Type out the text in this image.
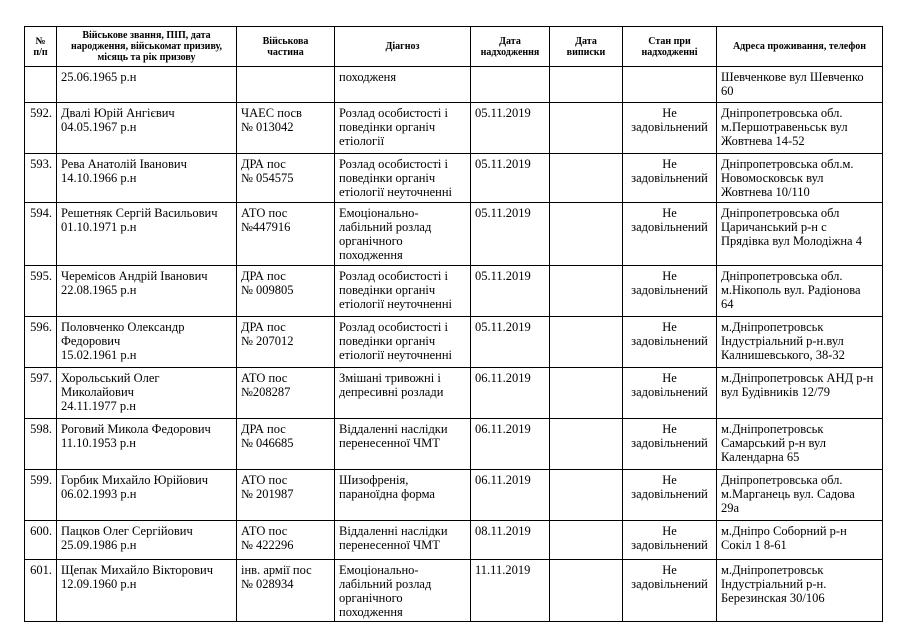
№
п/п	Військове звання, ПІП, дата
народження, військомат призиву,
місяць та рік призову	Військова
частина	Діагноз	Дата
надходження	Дата
виписки	Стан при
надходженні	Адреса проживання, телефон

	25.06.1965 р.н		походженя				Шевченкове вул Шевченко
60

592.	Двалі Юрій Ангієвич
04.05.1967 р.н	ЧАЕС посв
№ 013042	Розлад особистості і
поведінки органіч
етіології	05.11.2019		Не
задовільнений	Дніпропетровська обл.
м.Першотравеньськ вул
Жовтнева 14-52

593.	Рева Анатолій Іванович
14.10.1966 р.н	ДРА пос
№ 054575	Розлад особистості і
поведінки органіч
етіології неуточненні	05.11.2019		Не
задовільнений	Дніпропетровська обл.м.
Новомосковськ вул
Жовтнева 10/110

594.	Решетняк Сергій Васильович
01.10.1971 р.н	АТО пос
№447916	Емоціонально-
лабільний розлад
органічного
походження	05.11.2019		Не
задовільнений	Дніпропетровська обл
Царичанський р-н с
Прядівка вул Молодіжна 4

595.	Черемісов Андрій Іванович
22.08.1965 р.н	ДРА пос
№ 009805	Розлад особистості і
поведінки органіч
етіології неуточненні	05.11.2019		Не
задовільнений	Дніпропетровська обл.
м.Нікополь вул. Радіонова
64

596.	Половченко Олександр
Федорович
15.02.1961 р.н	ДРА пос
№ 207012	Розлад особистості і
поведінки органіч
етіології неуточненні	05.11.2019		Не
задовільнений	м.Дніпропетровськ
Індустріальний р-н.вул
Калнишевського, 38-32

597.	Хорольський Олег
Миколайович
24.11.1977 р.н	АТО пос
№208287	Змішані тривожні і
депресивні розлади	06.11.2019		Не
задовільнений	м.Дніпропетровськ АНД р-н
вул Будівників 12/79

598.	Роговий Микола Федорович
11.10.1953 р.н	ДРА пос
№ 046685	Віддаленні наслідки
перенесенної ЧМТ	06.11.2019		Не
задовільнений	м.Дніпропетровськ
Самарський р-н вул
Календарна 65

599.	Горбик Михайло Юрійович
06.02.1993 р.н	АТО пос
№ 201987	Шизофренія,
параноїдна форма	06.11.2019		Не
задовільнений	Дніпропетровська обл.
м.Марганець вул. Садова
29а

600.	Пацков Олег Сергійович
25.09.1986 р.н	АТО пос
№ 422296	Віддаленні наслідки
перенесенної ЧМТ	08.11.2019		Не
задовільнений	м.Дніпро Соборний р-н
Сокіл 1 8-61

601.	Щепак Михайло Вікторович
12.09.1960 р.н	інв. армії пос
№ 028934	Емоціонально-
лабільний розлад
органічного
походження	11.11.2019		Не
задовільнений	м.Дніпропетровськ
Індустріальний р-н.
Березинская 30/106
